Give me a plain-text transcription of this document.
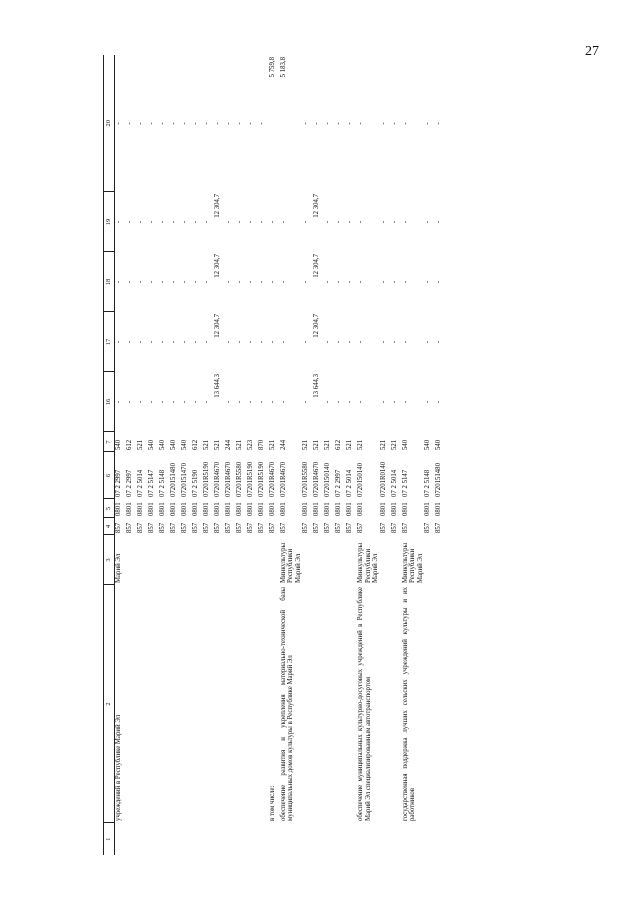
27
1	2	3	4	5	6	7	16	17	18	19	20
	учреждений в Республике Марий Эл	Марий Эл	857	0801	07 2 2997	540	-	-	-	-	-
			857	0801	07 2 2997	612	-	-	-	-	-
			857	0801	07 2 5014	521	-	-	-	-	-
			857	0801	07 2 5147	540	-	-	-	-	-
			857	0801	07 2 5148	540	-	-	-	-	-
			857	0801	0720151480	540	-	-	-	-	-
			857	0801	0720151470	540	-	-	-	-	-
			857	0801	07 2 5190	612	-	-	-	-	-
			857	0801	07201R5190	521	-	-	-	-	-
			857	0801	07201R4670	521	13 644,3	12 304,7	12 304,7	12 304,7	-
			857	0801	07201R4670	244	-	-	-	-	-
			857	0801	07201R5580	521	-	-	-	-	-
			857	0801	07201R5190	523	-	-	-	-	-
			857	0801	07201R5190	870	-	-	-	-	-
	в том числе:		857	0801	07201R4670	521	-	-	-	-	5 759,8
	обеспечение развития и укрепления материально-технической базы муниципальных домов культуры в Республике Марий Эл	Минкультуры Республики Марий Эл	857	0801	07201R4670	244	-	-	-	-	5 183,8
			857	0801	07201R5580	521	-	-	-	-	-
			857	0801	07201R4670	521	13 644,3	12 304,7	12 304,7	12 304,7	-
			857	0801	0720150140	521	-	-	-	-	-
			857	0801	07 2 2997	612	-	-	-	-	-
			857	0801	07 2 5014	521	-	-	-	-	-
	обеспечение муниципальных культурно-досуговых учреждений в Республике Марий Эл специализированным автотранспортом	Минкультуры Республики Марий Эл	857	0801	0720150140	521	-	-	-	-	-
			857	0801	07201R0140	521	-	-	-	-	-
			857	0801	07 2 5014	521	-	-	-	-	-
	государственная поддержка лучших сельских учреждений культуры и их работников	Минкультуры Республики Марий Эл	857	0801	07 2 5147	540	-	-	-	-	-
			857	0801	07 2 5148	540	-	-	-	-	-
			857	0801	0720151480	540	-	-	-	-	-
